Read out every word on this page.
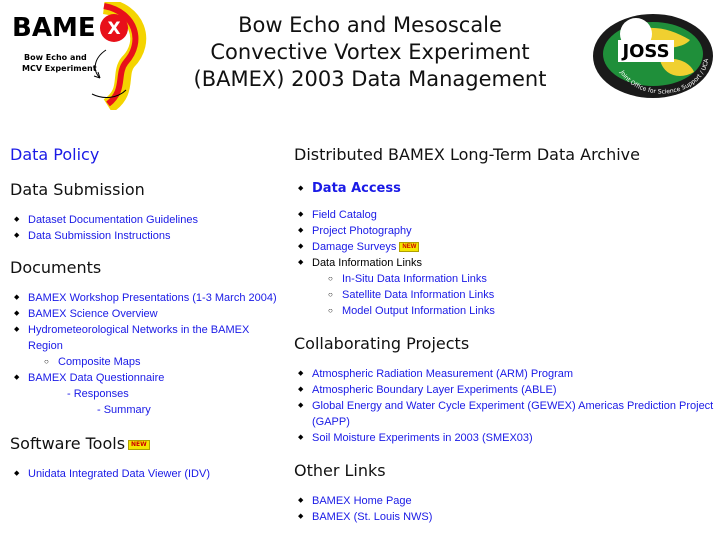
X
BAME
Bow Echo and
MCV Experiment
Bow Echo and Mesoscale
Convective Vortex Experiment
(BAMEX) 2003 Data Management
JOSS
Joint Office for Science Support / UCA
Data Policy
Data Submission
◆ Dataset Documentation Guidelines
◆ Data Submission Instructions
Documents
◆ BAMEX Workshop Presentations (1-3 March 2004)
◆ BAMEX Science Overview
◆ Hydrometeorological Networks in the BAMEX Region
○ Composite Maps
◆ BAMEX Data Questionnaire
- Responses
- Summary
Software Tools NEW
◆ Unidata Integrated Data Viewer (IDV)
Distributed BAMEX Long-Term Data Archive
◆ Data Access
◆ Field Catalog
◆ Project Photography
◆ Damage Surveys NEW
◆ Data Information Links
○ In-Situ Data Information Links
○ Satellite Data Information Links
○ Model Output Information Links
Collaborating Projects
◆ Atmospheric Radiation Measurement (ARM) Program
◆ Atmospheric Boundary Layer Experiments (ABLE)
◆ Global Energy and Water Cycle Experiment (GEWEX) Americas Prediction Project (GAPP)
◆ Soil Moisture Experiments in 2003 (SMEX03)
Other Links
◆ BAMEX Home Page
◆ BAMEX (St. Louis NWS)
